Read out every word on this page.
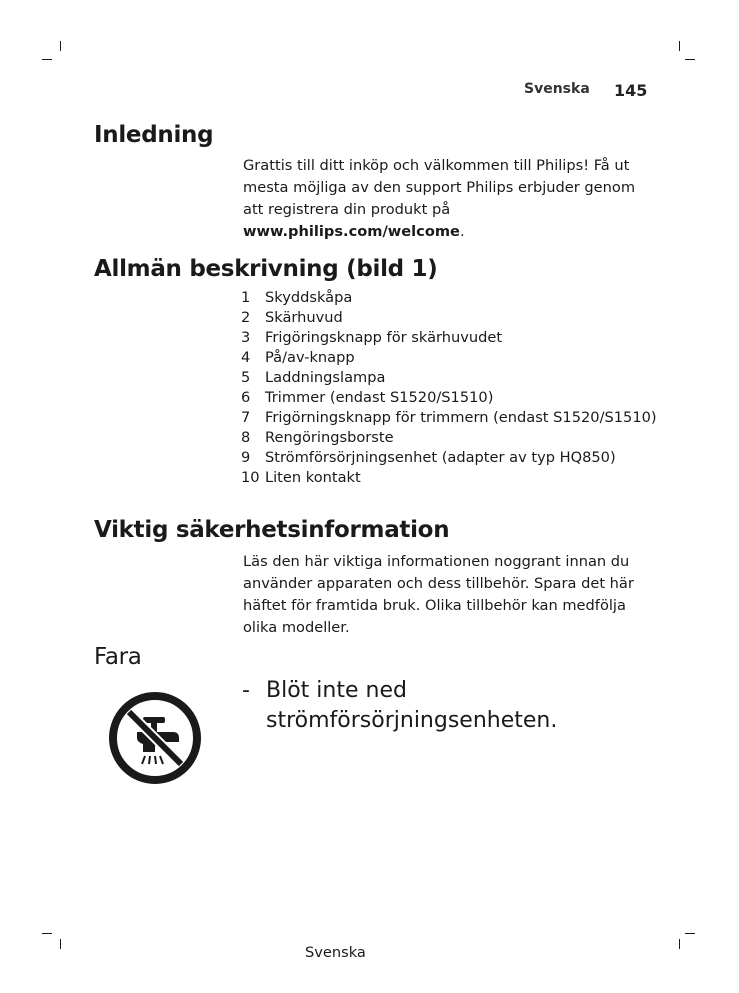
Svenska 145
Inledning

Grattis till ditt inköp och välkommen till Philips! Få ut mesta möjliga av den support Philips erbjuder genom att registrera din produkt på www.philips.com/welcome.

Allmän beskrivning (bild 1)
1	Skyddskåpa
2	Skärhuvud
3	Frigöringsknapp för skärhuvudet
4	På/av-knapp
5	Laddningslampa
6	Trimmer (endast S1520/S1510)
7	Frigörningsknapp för trimmern (endast S1520/S1510)
8	Rengöringsborste
9	Strömförsörjningsenhet (adapter av typ HQ850)
10 Liten kontakt
Viktig säkerhetsinformation

Läs den här viktiga informationen noggrant innan du använder apparaten och dess tillbehör. Spara det här häftet för framtida bruk. Olika tillbehör kan medfölja olika modeller.

Fara
- Blöt inte ned strömförsörjningsenheten.
Svenska
